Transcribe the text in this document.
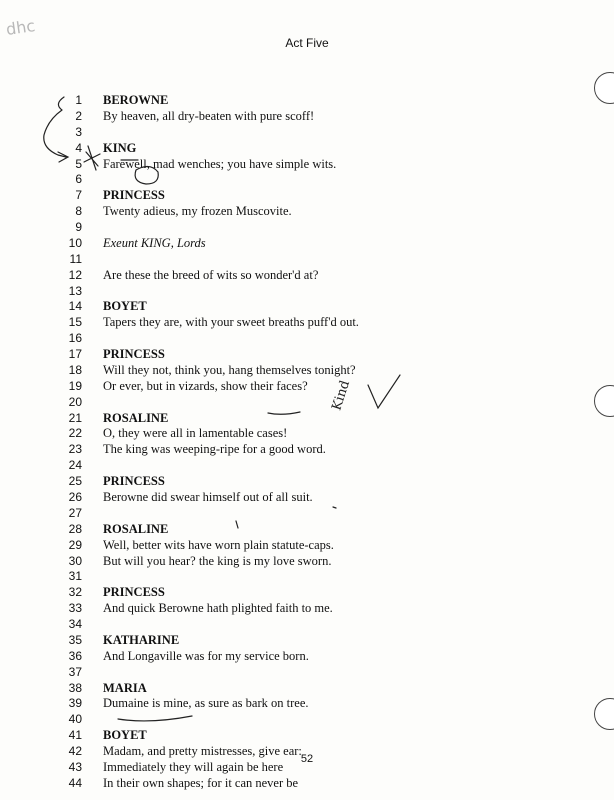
dhc
Act Five
1 BEROWNE
2 By heaven, all dry-beaten with pure scoff!
3
4 KING
5 Farewell, mad wenches; you have simple wits.
6
7 PRINCESS
8 Twenty adieus, my frozen Muscovite.
9
10 Exeunt KING, Lords
11
12 Are these the breed of wits so wonder'd at?
13
14 BOYET
15 Tapers they are, with your sweet breaths puff'd out.
16
17 PRINCESS
18 Will they not, think you, hang themselves tonight?
19 Or ever, but in vizards, show their faces?
20
21 ROSALINE
22 O, they were all in lamentable cases!
23 The king was weeping-ripe for a good word.
24
25 PRINCESS
26 Berowne did swear himself out of all suit.
27
28 ROSALINE
29 Well, better wits have worn plain statute-caps.
30 But will you hear? the king is my love sworn.
31
32 PRINCESS
33 And quick Berowne hath plighted faith to me.
34
35 KATHARINE
36 And Longaville was for my service born.
37
38 MARIA
39 Dumaine is mine, as sure as bark on tree.
40
41 BOYET
42 Madam, and pretty mistresses, give ear:
43 Immediately they will again be here
44 In their own shapes; for it can never be
Kind
52
